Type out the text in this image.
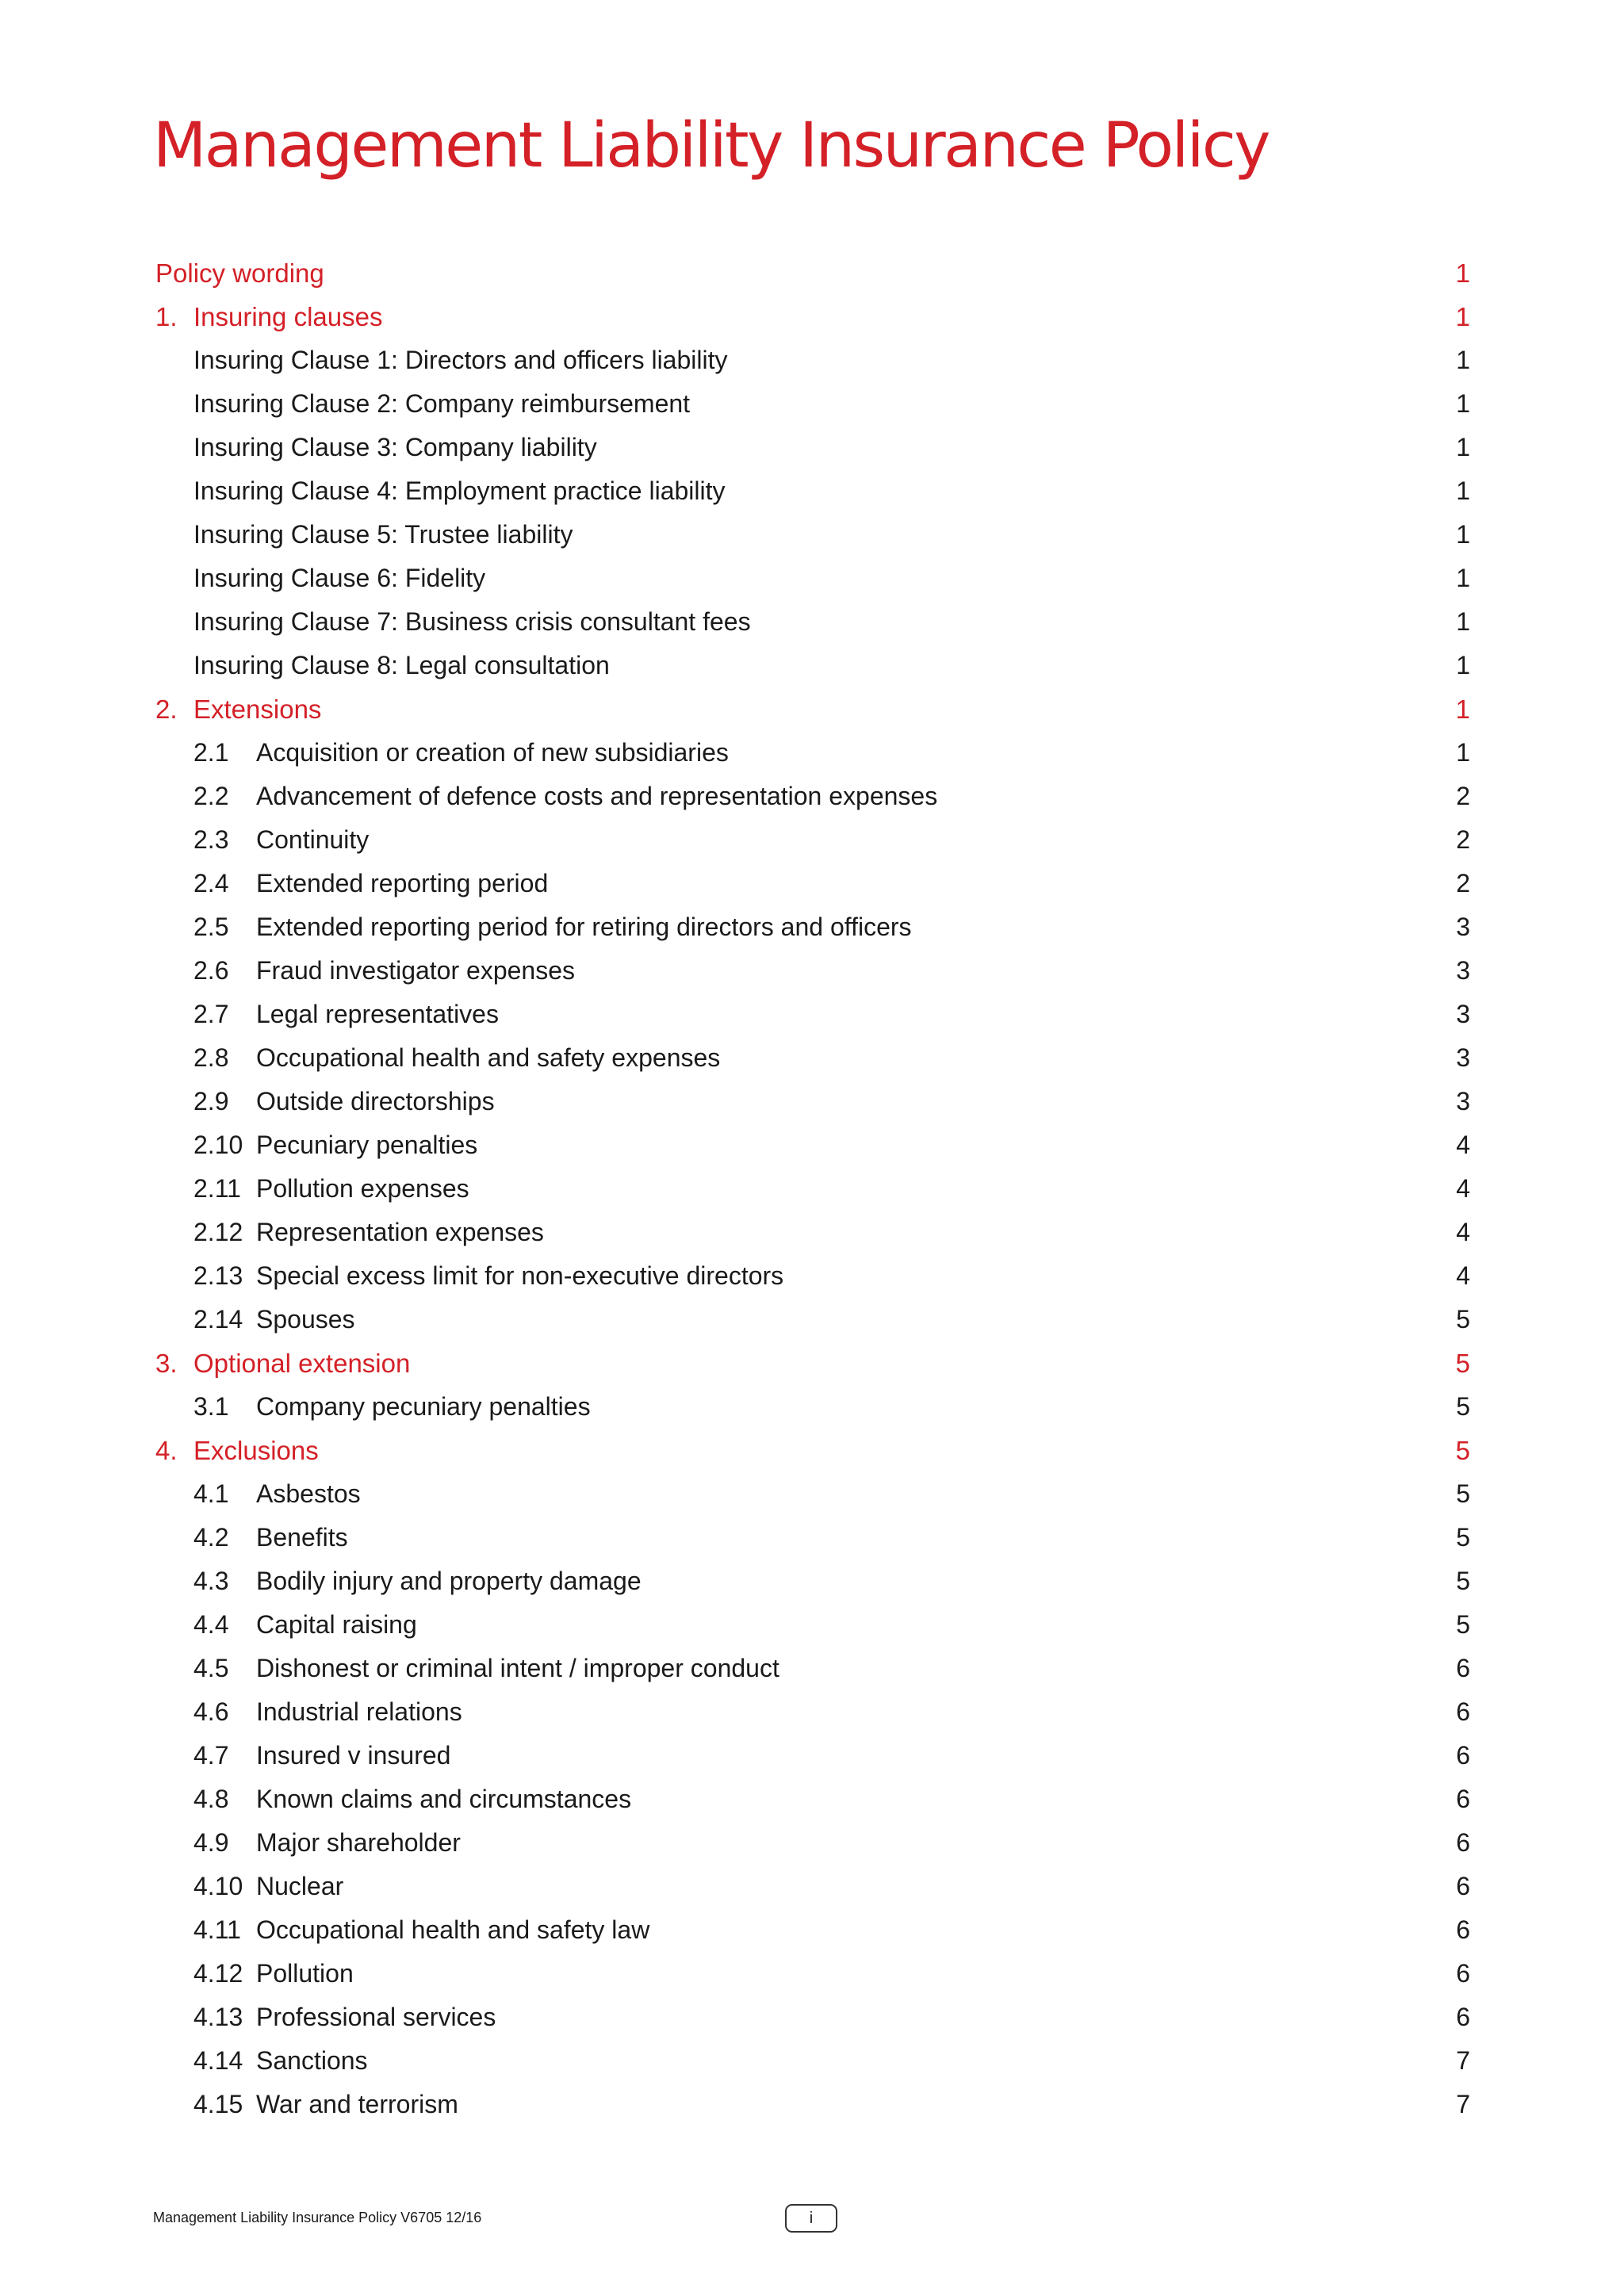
Management Liability Insurance Policy
Policy wording	1
1. Insuring clauses	1
Insuring Clause 1: Directors and officers liability	1
Insuring Clause 2: Company reimbursement	1
Insuring Clause 3: Company liability	1
Insuring Clause 4: Employment practice liability	1
Insuring Clause 5: Trustee liability	1
Insuring Clause 6: Fidelity	1
Insuring Clause 7: Business crisis consultant fees	1
Insuring Clause 8: Legal consultation	1
2. Extensions	1
2.1	Acquisition or creation of new subsidiaries	1
2.2	Advancement of defence costs and representation expenses	2
2.3	Continuity	2
2.4	Extended reporting period	2
2.5	Extended reporting period for retiring directors and officers	3
2.6	Fraud investigator expenses	3
2.7	Legal representatives	3
2.8	Occupational health and safety expenses	3
2.9	Outside directorships	3
2.10 Pecuniary penalties	4
2.11 Pollution expenses	4
2.12 Representation expenses	4
2.13 Special excess limit for non-executive directors	4
2.14 Spouses	5
3. Optional extension	5
3.1	Company pecuniary penalties	5
4. Exclusions	5
4.1	Asbestos	5
4.2	Benefits	5
4.3	Bodily injury and property damage	5
4.4	Capital raising	5
4.5	Dishonest or criminal intent / improper conduct	6
4.6	Industrial relations	6
4.7	Insured v insured	6
4.8	Known claims and circumstances	6
4.9	Major shareholder	6
4.10 Nuclear	6
4.11 Occupational health and safety law	6
4.12 Pollution	6
4.13 Professional services	6
4.14 Sanctions	7
4.15 War and terrorism	7
Management Liability Insurance Policy V6705 12/16	i
